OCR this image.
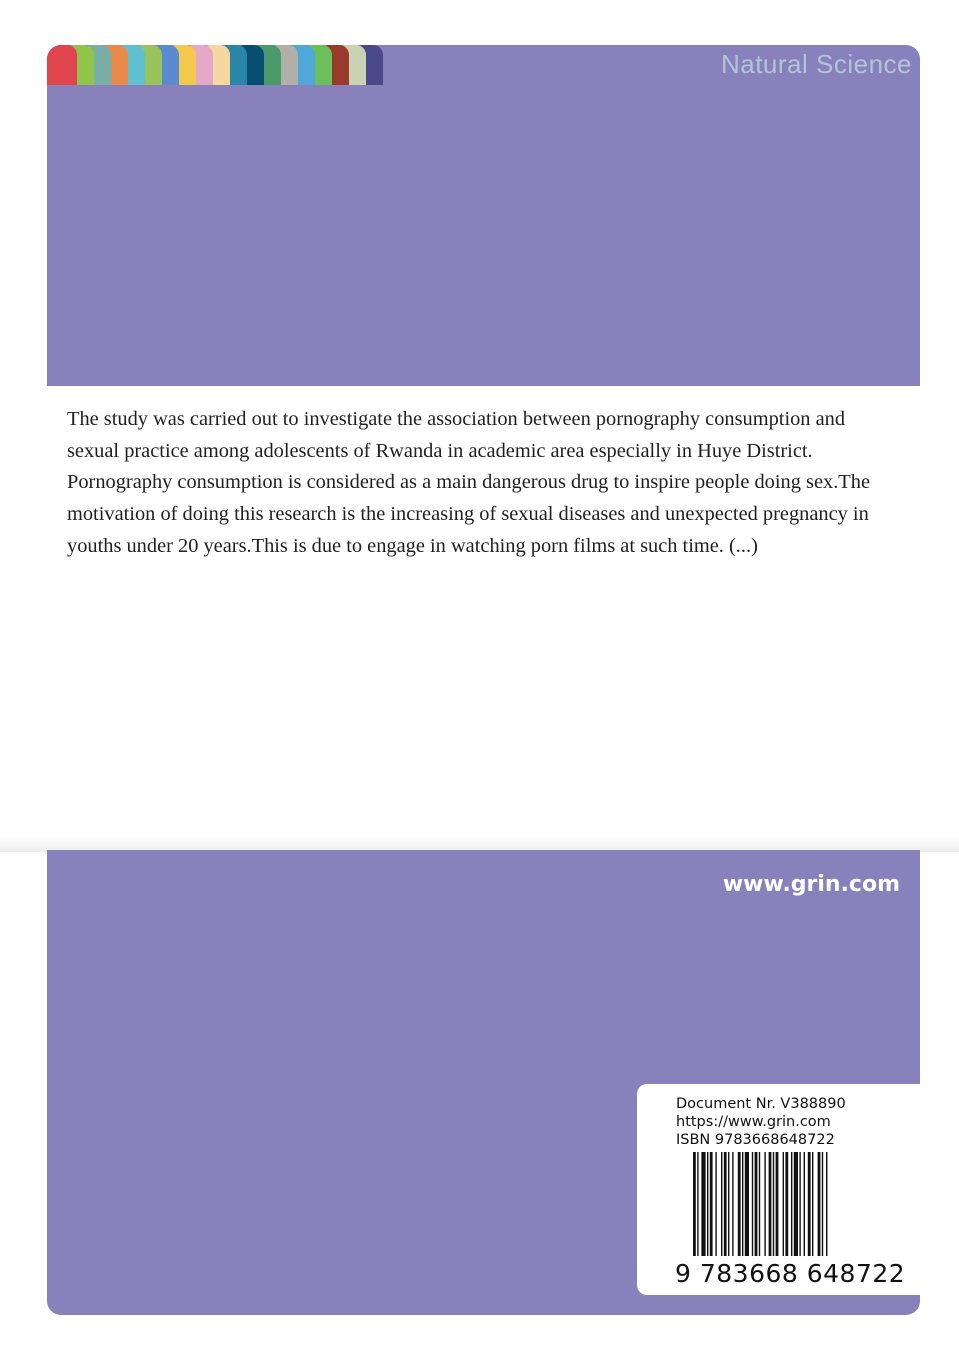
Natural Science

The study was carried out to investigate the association between pornography consumption and sexual practice among adolescents of Rwanda in academic area especially in Huye District. Pornography consumption is considered as a main dangerous drug to inspire people doing sex.The motivation of doing this research is the increasing of sexual diseases and unexpected pregnancy in youths under 20 years.This is due to engage in watching porn films at such time. (...)

www.grin.com
Document Nr. V388890
https://www.grin.com
ISBN 9783668648722
9 783668 648722
